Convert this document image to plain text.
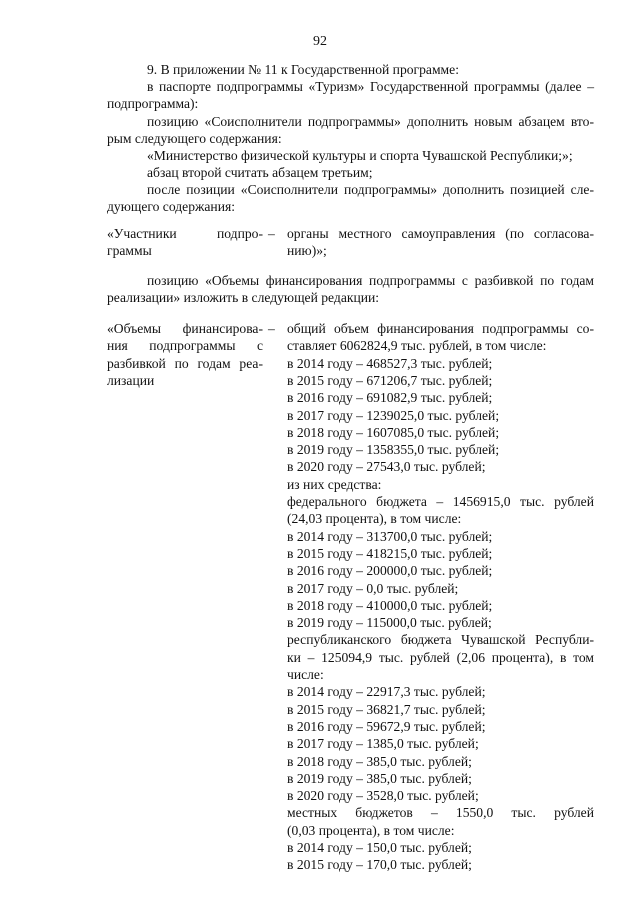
92
9. В приложении № 11 к Государственной программе:
в паспорте подпрограммы «Туризм» Государственной программы (далее –
подпрограмма):
позицию «Соисполнители подпрограммы» дополнить новым абзацем вто-
рым следующего содержания:
«Министерство физической культуры и спорта Чувашской Республики;»;
абзац второй считать абзацем третьим;
после позиции «Соисполнители подпрограммы» дополнить позицией сле-
дующего содержания:
«Участники подпро-
граммы
– органы местного самоуправления (по согласова-
нию)»;
позицию «Объемы финансирования подпрограммы с разбивкой по годам
реализации» изложить в следующей редакции:
«Объемы финансирова-
ния подпрограммы с
разбивкой по годам реа-
лизации
– общий объем финансирования подпрограммы со-
ставляет 6062824,9 тыс. рублей, в том числе:
в 2014 году – 468527,3 тыс. рублей;
в 2015 году – 671206,7 тыс. рублей;
в 2016 году – 691082,9 тыс. рублей;
в 2017 году – 1239025,0 тыс. рублей;
в 2018 году – 1607085,0 тыс. рублей;
в 2019 году – 1358355,0 тыс. рублей;
в 2020 году – 27543,0 тыс. рублей;
из них средства:
федерального бюджета – 1456915,0 тыс. рублей
(24,03 процента), в том числе:
в 2014 году – 313700,0 тыс. рублей;
в 2015 году – 418215,0 тыс. рублей;
в 2016 году – 200000,0 тыс. рублей;
в 2017 году – 0,0 тыс. рублей;
в 2018 году – 410000,0 тыс. рублей;
в 2019 году – 115000,0 тыс. рублей;
республиканского бюджета Чувашской Республи-
ки – 125094,9 тыс. рублей (2,06 процента), в том
числе:
в 2014 году – 22917,3 тыс. рублей;
в 2015 году – 36821,7 тыс. рублей;
в 2016 году – 59672,9 тыс. рублей;
в 2017 году – 1385,0 тыс. рублей;
в 2018 году – 385,0 тыс. рублей;
в 2019 году – 385,0 тыс. рублей;
в 2020 году – 3528,0 тыс. рублей;
местных бюджетов – 1550,0 тыс. рублей
(0,03 процента), в том числе:
в 2014 году – 150,0 тыс. рублей;
в 2015 году – 170,0 тыс. рублей;
